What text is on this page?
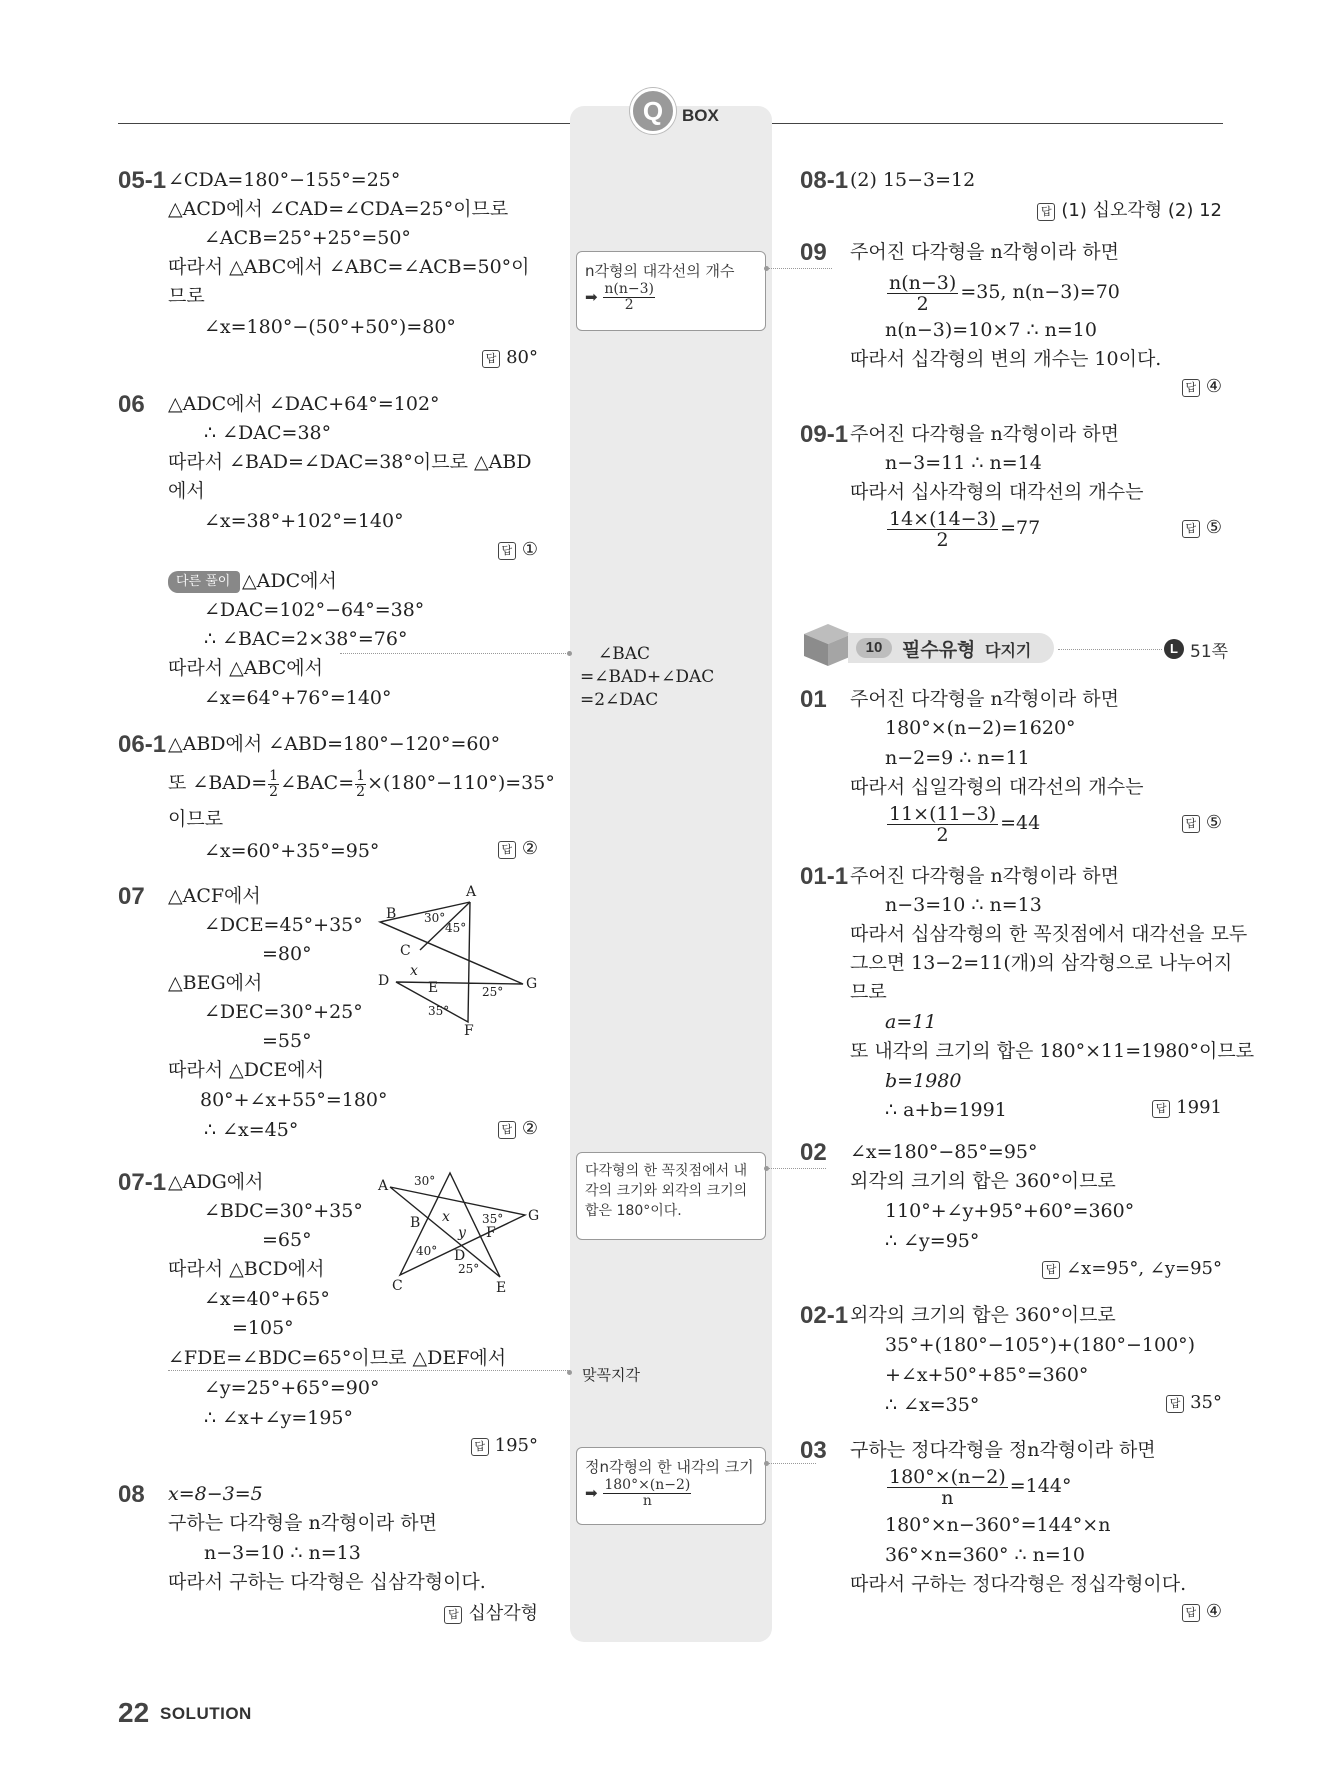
Q	BOX
05-1 ∠CDA=180°−155°=25°
△ACD에서 ∠CAD=∠CDA=25°이므로
∠ACB=25°+25°=50°
따라서 △ABC에서 ∠ABC=∠ACB=50°이
므로
∠x=180°−(50°+50°)=80°
답 80°
06 △ADC에서 ∠DAC+64°=102°
∴ ∠DAC=38°
따라서 ∠BAD=∠DAC=38°이므로 △ABD
에서
∠x=38°+102°=140°
답 ①
다른 풀이 △ADC에서
∠DAC=102°−64°=38°
∴ ∠BAC=2×38°=76°
따라서 △ABC에서
∠x=64°+76°=140°
06-1 △ABD에서 ∠ABD=180°−120°=60°
또 ∠BAD= $\frac{1}{2}$ ∠BAC= $\frac{1}{2} \times(180^\circ-110^\circ)=35^\circ$
이므로
∠x=60°+35°=95°	답 ②
07 △ACF에서
∠DCE=45°+35°
=80°
△BEG에서
∠DEC=30°+25°
=55°
따라서 △DCE에서
80°+∠x+55°=180°
∴ ∠x=45°	답 ②
A
B
C
D	E
F
G
x
30°
45°
25°
35°
07-1 △ADG에서
∠BDC=30°+35°
=65°
따라서 △BCD에서
∠x=40°+65°
=105°
∠FDE=∠BDC=65°이므로 △DEF에서
∠y=25°+65°=90°
∴ ∠x+∠y=195°
답 195°
A
B
C
D
E
F
G
x
y
30°
35°
40°
25°
08 x=8−3=5
구하는 다각형을 n각형이라 하면
n−3=10 ∴ n=13
따라서 구하는 다각형은 십삼각형이다.
답 십삼각형
n각형의 대각선의 개수
➡ $\frac{n(n-3)}{2}$
∠BAC
=∠BAD+∠DAC
=2∠DAC
다각형의 한 꼭짓점에서 내각의 크기와 외각의 크기의 합은 180°이다.
맞꼭지각
정n각형의 한 내각의 크기
➡ $\frac{180^\circ\times(n-2)}{n}$
08-1 (2) 15−3=12
답 (1) 십오각형 (2) 12
09 주어진 다각형을 n각형이라 하면
$\frac{n(n-3)}{2} =35$, n(n−3)=70
n(n−3)=10×7 ∴ n=10
따라서 십각형의 변의 개수는 10이다.
답 ④
09-1 주어진 다각형을 n각형이라 하면
n−3=11 ∴ n=14
따라서 십사각형의 대각선의 개수는
$\frac{14\times(14-3)}{2} =77$	답 ⑤
10	필수유형 다지기	L 51쪽
01 주어진 다각형을 n각형이라 하면
180°×(n−2)=1620°
n−2=9 ∴ n=11
따라서 십일각형의 대각선의 개수는
$\frac{11\times(11-3)}{2} =44$	답 ⑤
01-1 주어진 다각형을 n각형이라 하면
n−3=10 ∴ n=13
따라서 십삼각형의 한 꼭짓점에서 대각선을 모두
그으면 13−2=11(개)의 삼각형으로 나누어지
므로
a=11
또 내각의 크기의 합은 180°×11=1980°이므로
b=1980
∴ a+b=1991	답 1991
02 ∠x=180°−85°=95°
외각의 크기의 합은 360°이므로
110°+∠y+95°+60°=360°
∴ ∠y=95°
답 ∠x=95°, ∠y=95°
02-1 외각의 크기의 합은 360°이므로
35°+(180°−105°)+(180°−100°)
+∠x+50°+85°=360°
∴ ∠x=35°	답 35°
03 구하는 정다각형을 정n각형이라 하면
$\frac{180^\circ\times(n-2)}{n} =144^\circ$
180°×n−360°=144°×n
36°×n=360° ∴ n=10
따라서 구하는 정다각형은 정십각형이다.
답 ④
22 SOLUTION
